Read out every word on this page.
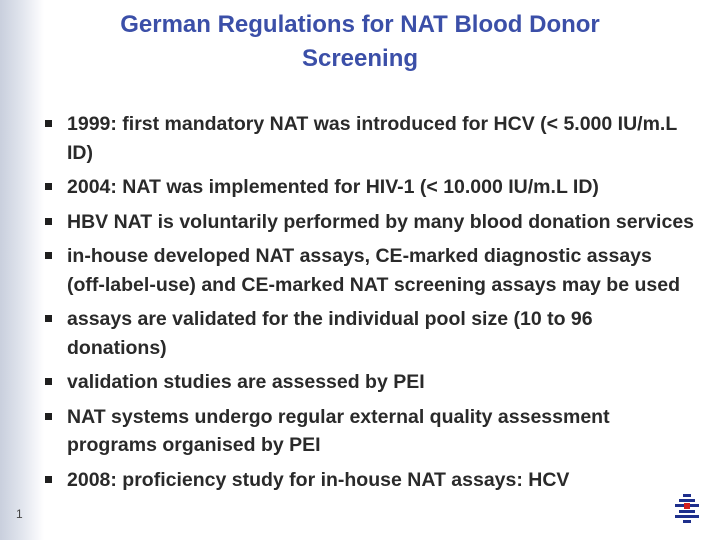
German Regulations for NAT Blood Donor Screening
1999: first mandatory NAT was introduced for HCV (< 5.000 IU/m.L ID)
2004: NAT was implemented for HIV-1 (< 10.000 IU/m.L ID)
HBV NAT is voluntarily performed by many blood donation services
in-house developed NAT assays, CE-marked diagnostic assays (off-label-use) and CE-marked NAT screening assays may be used
assays are validated for the individual pool size (10 to 96 donations)
validation studies are assessed by PEI
NAT systems undergo regular external quality assessment programs organised by PEI
2008: proficiency study for in-house NAT assays: HCV
1
